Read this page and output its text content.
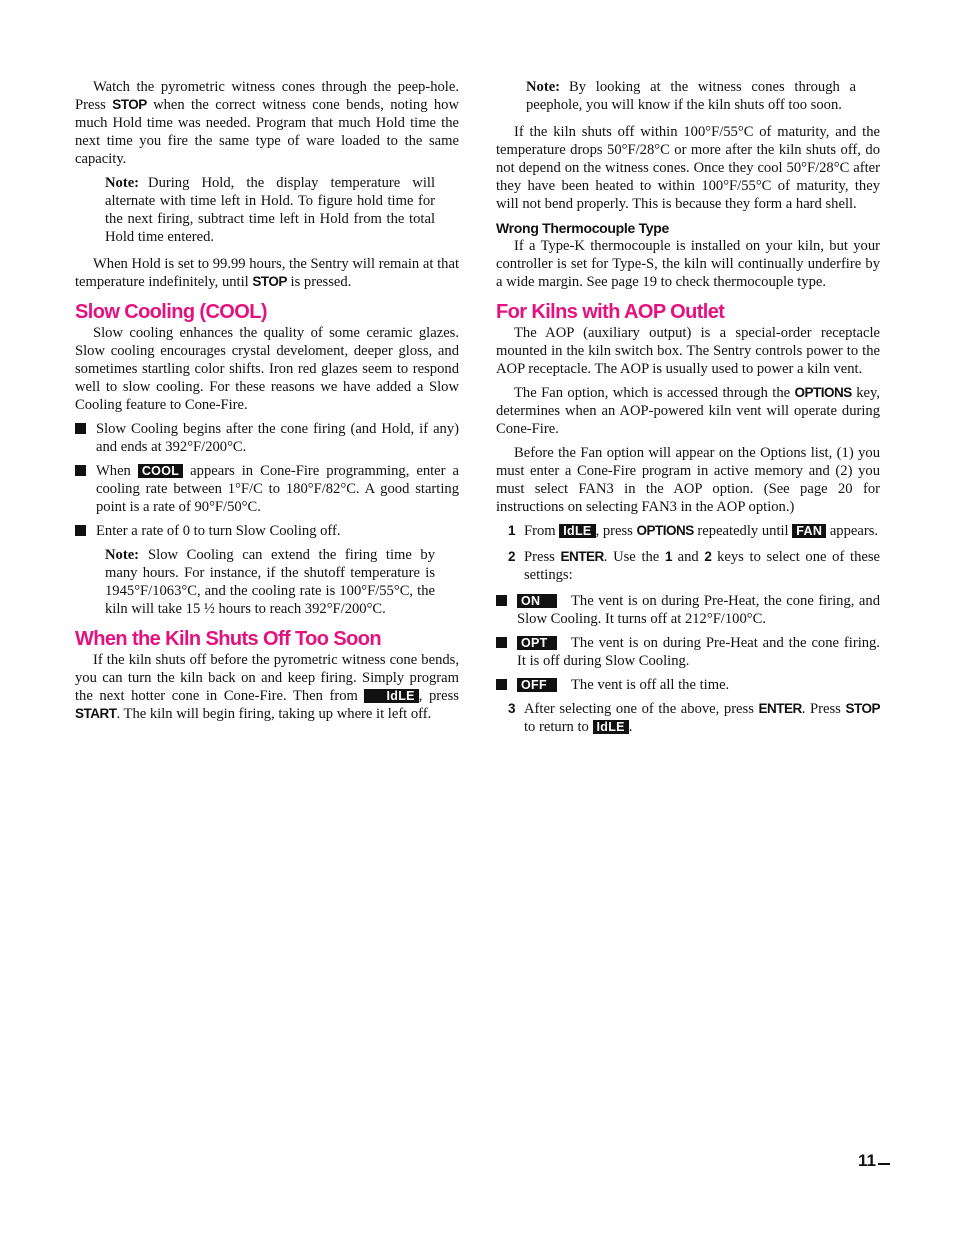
Watch the pyrometric witness cones through the peep-hole. Press STOP when the correct witness cone bends, noting how much Hold time was needed. Program that much Hold time the next time you fire the same type of ware loaded to the same capacity.

Note: During Hold, the display temperature will alternate with time left in Hold. To figure hold time for the next firing, subtract time left in Hold from the total Hold time entered.

When Hold is set to 99.99 hours, the Sentry will remain at that temperature indefinitely, until STOP is pressed.

Slow Cooling (COOL)

Slow cooling enhances the quality of some ceramic glazes. Slow cooling encourages crystal develoment, deeper gloss, and sometimes startling color shifts. Iron red glazes seem to respond well to slow cooling. For these reasons we have added a Slow Cooling feature to Cone-Fire.

Slow Cooling begins after the cone firing (and Hold, if any) and ends at 392°F/200°C.
When COOL appears in Cone-Fire programming, enter a cooling rate between 1°F/C to 180°F/82°C. A good starting point is a rate of 90°F/50°C.
Enter a rate of 0 to turn Slow Cooling off.

Note: Slow Cooling can extend the firing time by many hours. For instance, if the shutoff temperature is 1945°F/1063°C, and the cooling rate is 100°F/55°C, the kiln will take 15 ½ hours to reach 392°F/200°C.

When the Kiln Shuts Off Too Soon

If the kiln shuts off before the pyrometric witness cone bends, you can turn the kiln back on and keep firing. Simply program the next hotter cone in Cone-Fire. Then from IdLE , press START. The kiln will begin firing, taking up where it left off.

Note: By looking at the witness cones through a peephole, you will know if the kiln shuts off too soon.

If the kiln shuts off within 100°F/55°C of maturity, and the temperature drops 50°F/28°C or more after the kiln shuts off, do not depend on the witness cones. Once they cool 50°F/28°C after they have been heated to within 100°F/55°C of maturity, they will not bend properly. This is because they form a hard shell.

Wrong Thermocouple Type

If a Type-K thermocouple is installed on your kiln, but your controller is set for Type-S, the kiln will continually underfire by a wide margin. See page 19 to check thermocouple type.

For Kilns with AOP Outlet

The AOP (auxiliary output) is a special-order receptacle mounted in the kiln switch box. The Sentry controls power to the AOP receptacle. The AOP is usually used to power a kiln vent.

The Fan option, which is accessed through the OPTIONS key, determines when an AOP-powered kiln vent will operate during Cone-Fire.

Before the Fan option will appear on the Options list, (1) you must enter a Cone-Fire program in active memory and (2) you must select FAN3 in the AOP option. (See page 20 for instructions on selecting FAN3 in the AOP option.)

1 From IdLE , press OPTIONS repeatedly until FAN appears.
2 Press ENTER. Use the 1 and 2 keys to select one of these settings:
ON The vent is on during Pre-Heat, the cone firing, and Slow Cooling. It turns off at 212°F/100°C.
OPT The vent is on during Pre-Heat and the cone firing. It is off during Slow Cooling.
OFF The vent is off all the time.
3 After selecting one of the above, press ENTER. Press STOP to return to IdLE .
11
